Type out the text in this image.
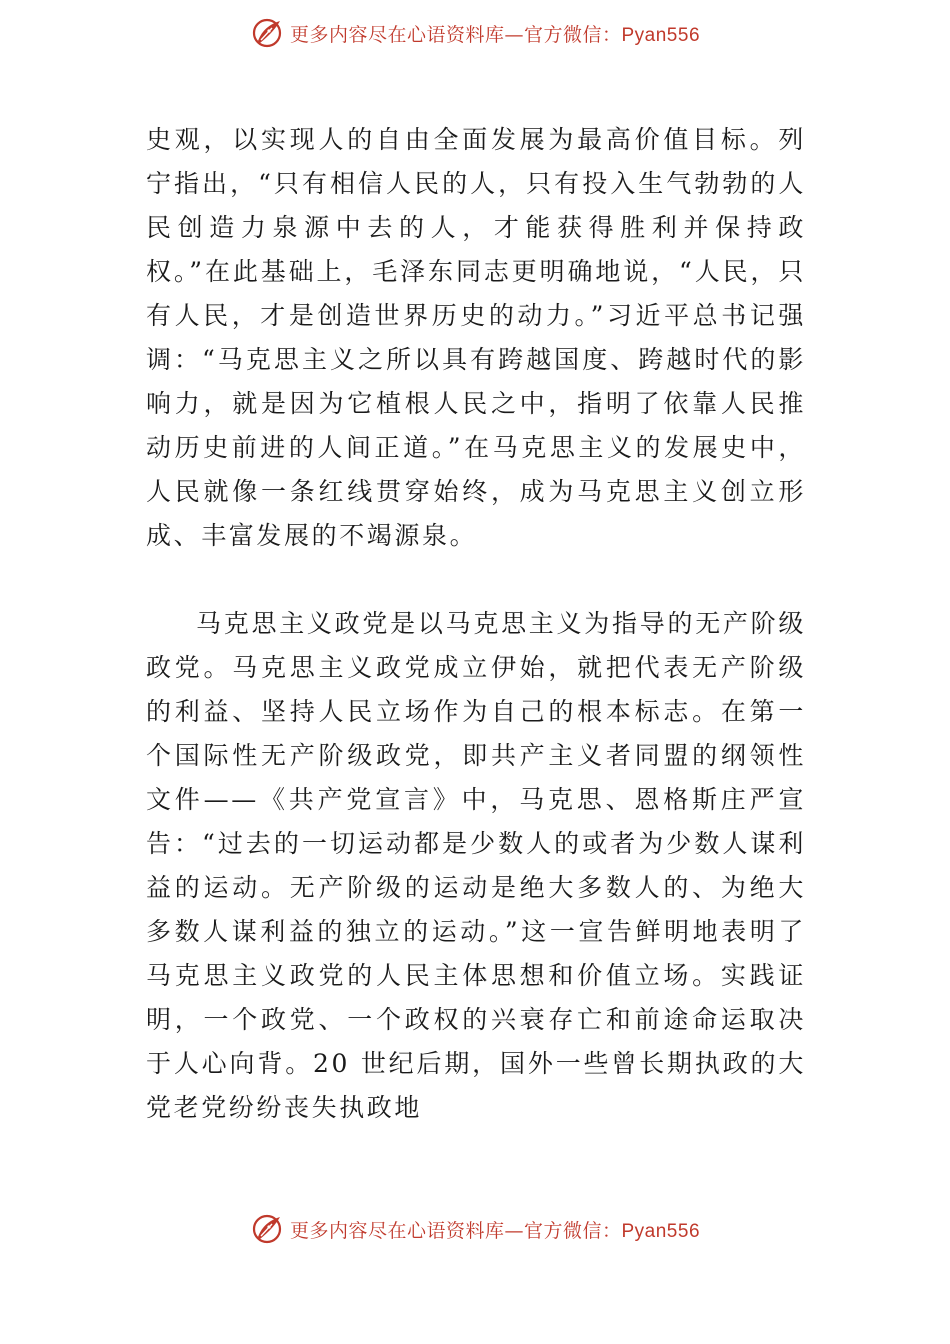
更多内容尽在心语资料库—官方微信：Pyan556

史观，以实现人的自由全面发展为最高价值目标。列宁指出，“只有相信人民的人，只有投入生气勃勃的人民创造力泉源中去的人，才能获得胜利并保持政权。”在此基础上，毛泽东同志更明确地说，“人民，只有人民，才是创造世界历史的动力。”习近平总书记强调：“马克思主义之所以具有跨越国度、跨越时代的影响力，就是因为它植根人民之中，指明了依靠人民推动历史前进的人间正道。”在马克思主义的发展史中，人民就像一条红线贯穿始终，成为马克思主义创立形成、丰富发展的不竭源泉。

马克思主义政党是以马克思主义为指导的无产阶级政党。马克思主义政党成立伊始，就把代表无产阶级的利益、坚持人民立场作为自己的根本标志。在第一个国际性无产阶级政党，即共产主义者同盟的纲领性文件——《共产党宣言》中，马克思、恩格斯庄严宣告：“过去的一切运动都是少数人的或者为少数人谋利益的运动。无产阶级的运动是绝大多数人的、为绝大多数人谋利益的独立的运动。”这一宣告鲜明地表明了马克思主义政党的人民主体思想和价值立场。实践证明，一个政党、一个政权的兴衰存亡和前途命运取决于人心向背。20 世纪后期，国外一些曾长期执政的大党老党纷纷丧失执政地

更多内容尽在心语资料库—官方微信：Pyan556
